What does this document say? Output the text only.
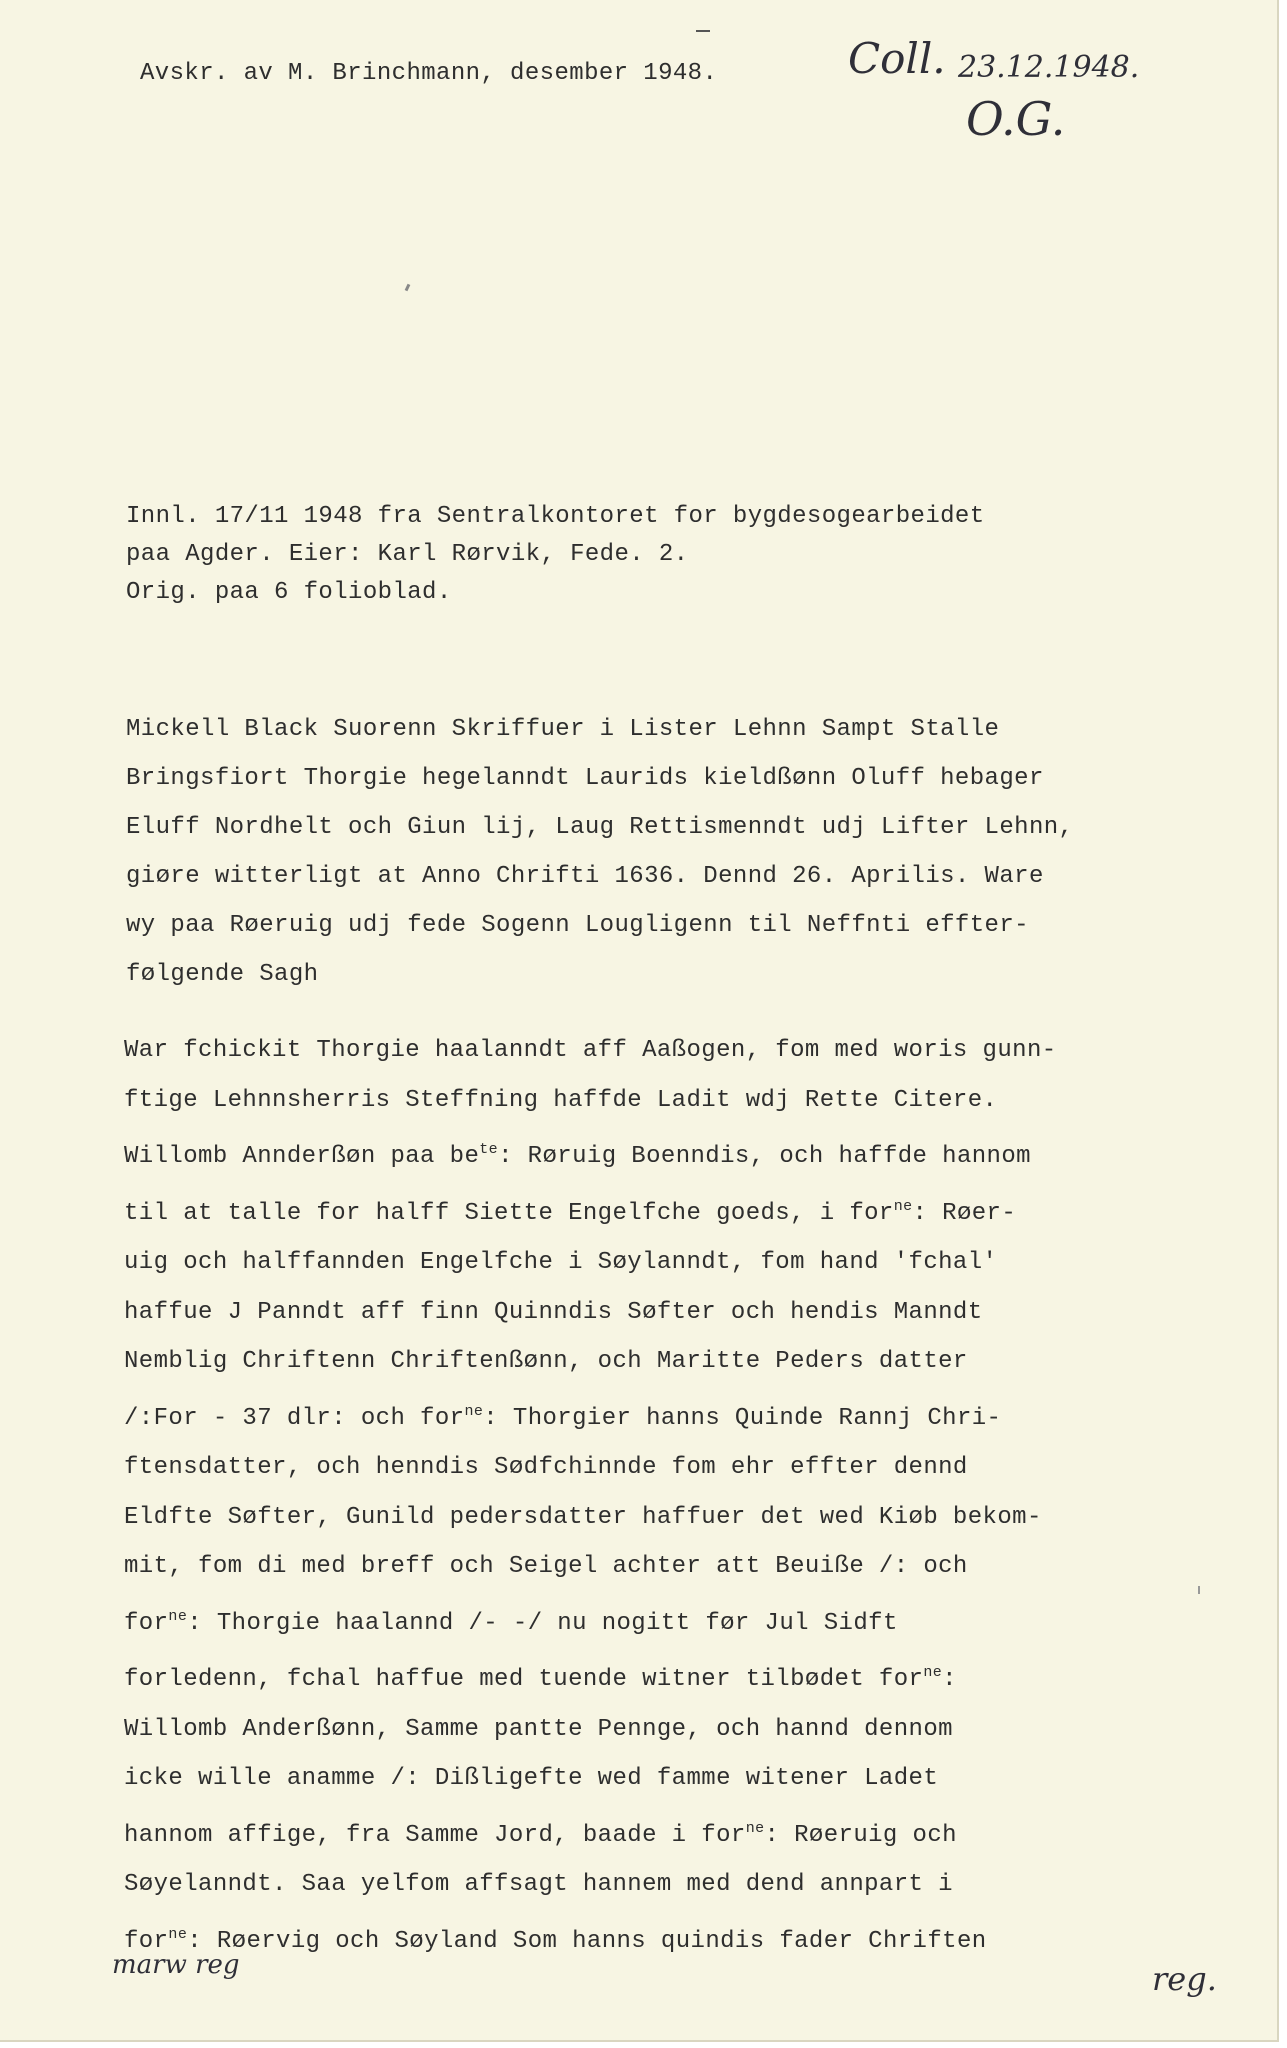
Avskr. av M. Brinchmann, desember 1948.	Coll. 23.12.1948.
O.G.
Innl. 17/11 1948 fra Sentralkontoret for bygdesogearbeidet
paa Agder. Eier: Karl Rørvik, Fede. 2.
Orig. paa 6 folioblad.
Mickell Black Suorenn Skriffuer i Lister Lehnn Sampt Stalle
Bringsfiort Thorgie hegelanndt Laurids kieldßønn Oluff hebager
Eluff Nordhelt och Giun lij, Laug Rettismenndt udj Lifter Lehnn,
giøre witterligt at Anno Chrifti 1636. Dennd 26. Aprilis. Ware
wy paa Røeruig udj fede Sogenn Lougligenn til Neffnti effter-
følgende Sagh
War fchickit Thorgie haalanndt aff Aaßogen, fom med woris gunn-
ftige Lehnnsherris Steffning haffde Ladit wdj Rette Citere.
Willomb Annderßøn paa $be^{te}$: Røruig Boenndis, och haffde hannom
til at talle for halff Siette Engelfche goeds, i for$^{ne}$: Røer-
uig och halffannden Engelfche i Søylanndt, fom hand 'fchal'
haffue J Panndt aff finn Quinndis Søfter och hendis Manndt
Nemblig Chriftenn Chriftenßønn, och Maritte Peders datter
/:For - 37 dlr: och for$^{ne}$: Thorgier hanns Quinde Rannj Chri-
ftensdatter, och henndis Sødfchinnde fom ehr effter dennd
Eldfte Søfter, Gunild pedersdatter haffuer det wed Kiøb bekom-
mit, fom di med breff och Seigel achter att Beuiße /: och
for$^{ne}$: Thorgie haalannd /- -/ nu nogitt før Jul Sidft
forledenn, fchal haffue med tuende witner tilbødet for$^{ne}$:
Willomb Anderßønn, Samme pantte Pennge, och hannd dennom
icke wille anamme /: Dißligefte wed famme witener Ladet
hannom affige, fra Samme Jord, baade i for$^{ne}$: Røeruig och
Søyelanndt. Saa yelfom affsagt hannem med dend annpart i
for$^{ne}$: Røervig och Søyland Som hanns quindis fader Chriften
marw reg	reg.
